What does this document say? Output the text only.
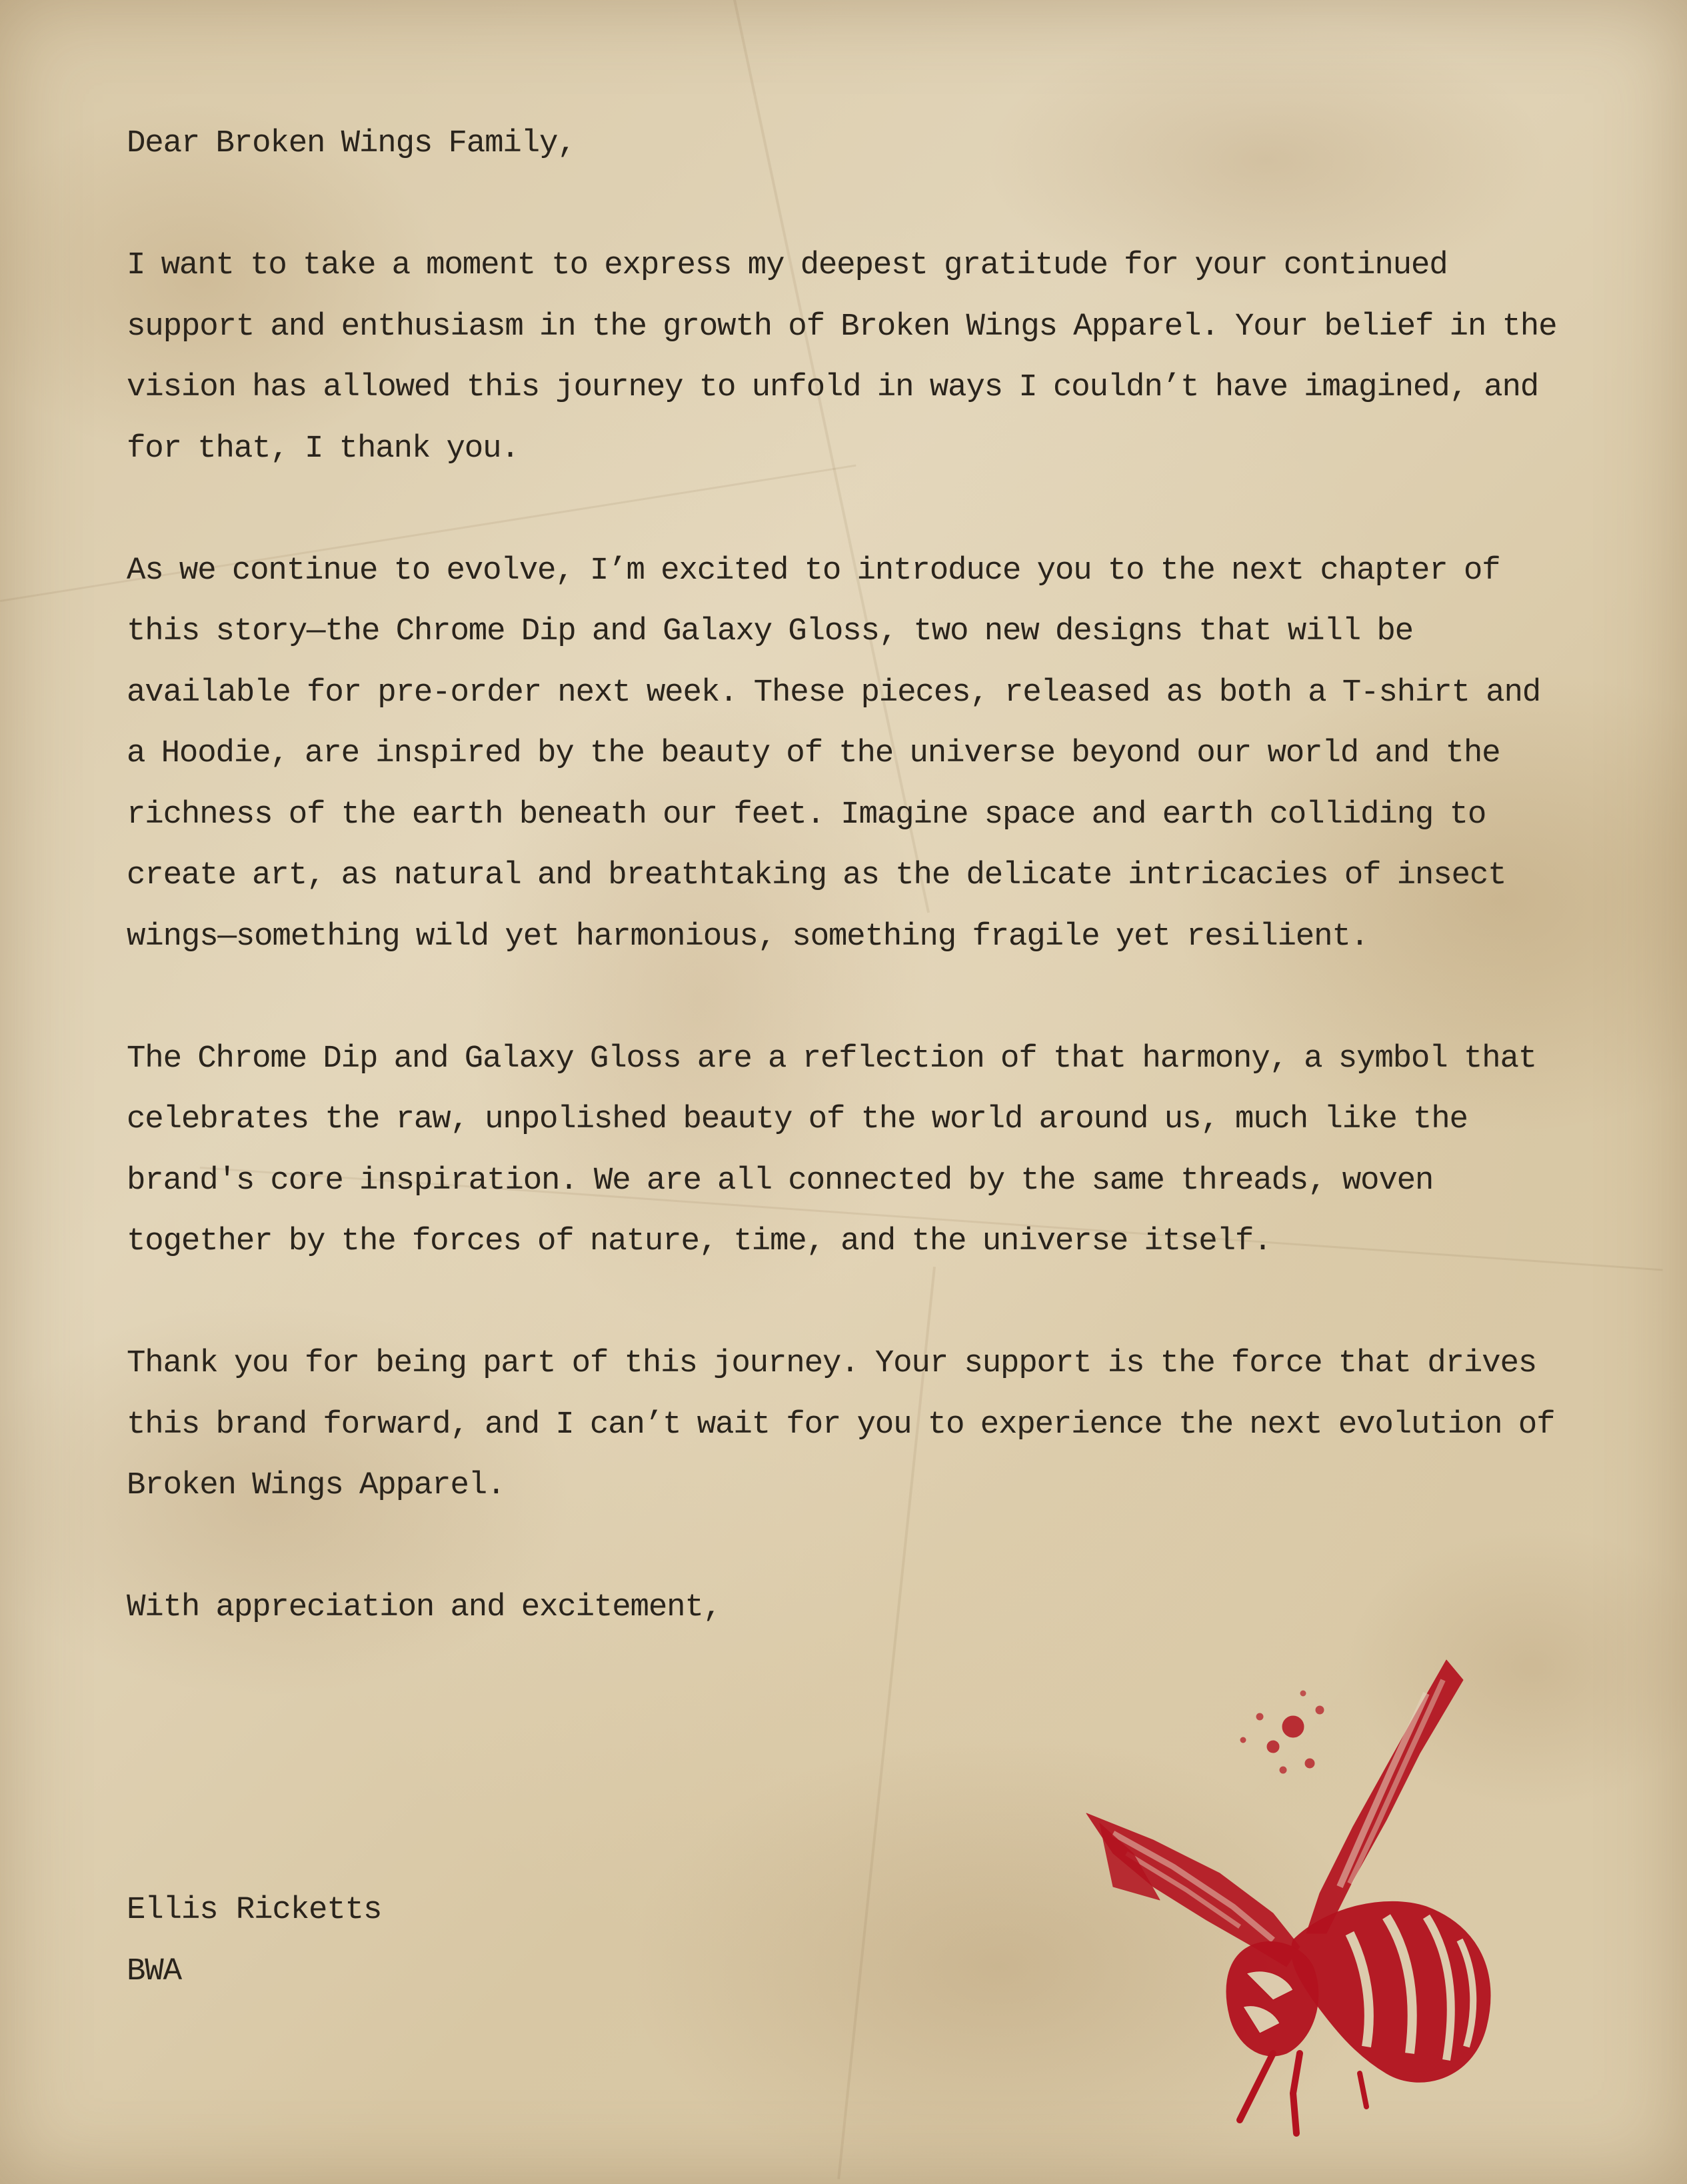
Dear Broken Wings Family,

I want to take a moment to express my deepest gratitude for your continued support and enthusiasm in the growth of Broken Wings Apparel. Your belief in the vision has allowed this journey to unfold in ways I couldn’t have imagined, and for that, I thank you.

As we continue to evolve, I’m excited to introduce you to the next chapter of this story—the Chrome Dip and Galaxy Gloss, two new designs that will be available for pre-order next week. These pieces, released as both a T-shirt and a Hoodie, are inspired by the beauty of the universe beyond our world and the richness of the earth beneath our feet. Imagine space and earth colliding to create art, as natural and breathtaking as the delicate intricacies of insect wings—something wild yet harmonious, something fragile yet resilient.

The Chrome Dip and Galaxy Gloss are a reflection of that harmony, a symbol that celebrates the raw, unpolished beauty of the world around us, much like the brand's core inspiration. We are all connected by the same threads, woven together by the forces of nature, time, and the universe itself.

Thank you for being part of this journey. Your support is the force that drives this brand forward, and I can’t wait for you to experience the next evolution of Broken Wings Apparel.

With appreciation and excitement,

Ellis Ricketts

BWA
